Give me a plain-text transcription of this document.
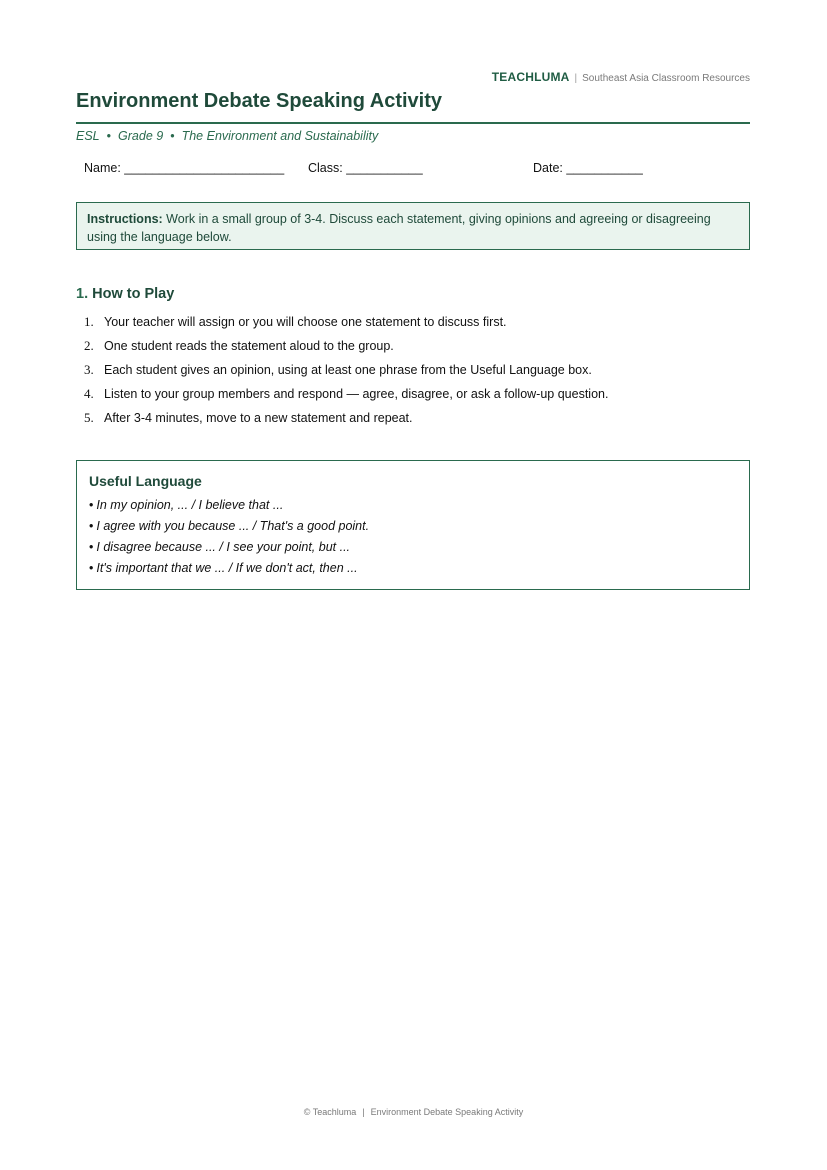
TEACHLUMA | Southeast Asia Classroom Resources
Environment Debate Speaking Activity
ESL • Grade 9 • The Environment and Sustainability
Name: _______________________ Class: ___________	Date: ___________
Instructions: Work in a small group of 3-4. Discuss each statement, giving opinions and agreeing or disagreeing using the language below.
1. How to Play
1. Your teacher will assign or you will choose one statement to discuss first.
2. One student reads the statement aloud to the group.
3. Each student gives an opinion, using at least one phrase from the Useful Language box.
4. Listen to your group members and respond — agree, disagree, or ask a follow-up question.
5. After 3-4 minutes, move to a new statement and repeat.
Useful Language
• In my opinion, ... / I believe that ...
• I agree with you because ... / That's a good point.
• I disagree because ... / I see your point, but ...
• It's important that we ... / If we don't act, then ...
© Teachluma | Environment Debate Speaking Activity
